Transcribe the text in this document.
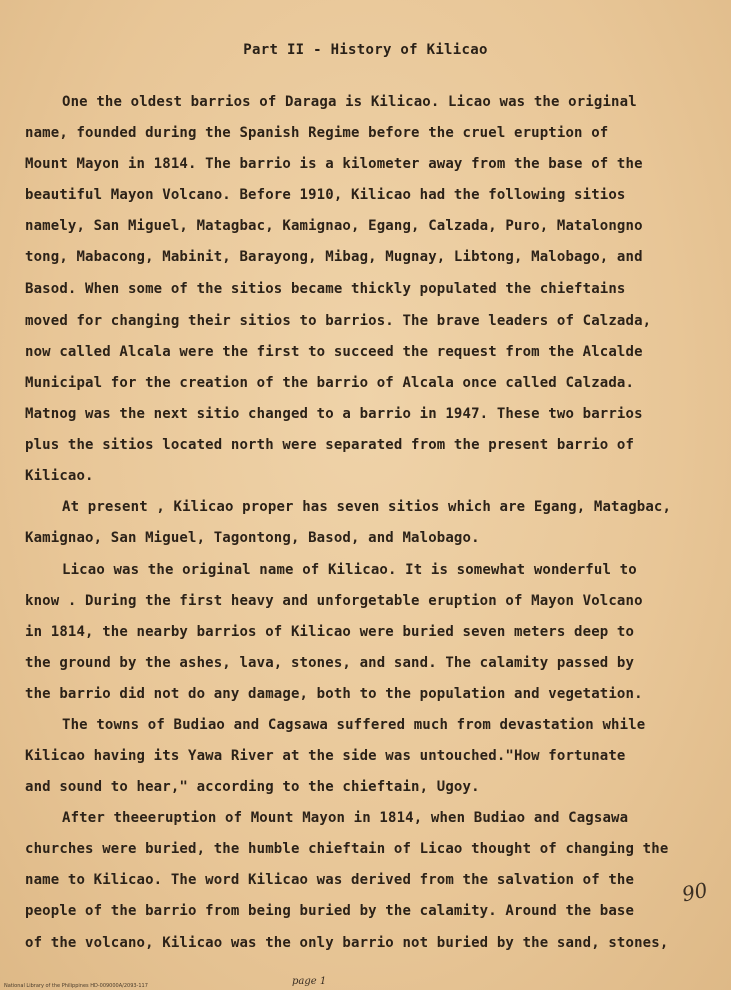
Part II - History of Kilicao
One the oldest barrios of Daraga is Kilicao. Licao was the original
name, founded during the Spanish Regime before the cruel eruption of
Mount Mayon in 1814. The barrio is a kilometer away from the base of the
beautiful Mayon Volcano. Before 1910, Kilicao had the following sitios
namely, San Miguel, Matagbac, Kamignao, Egang, Calzada, Puro, Matalongno
tong, Mabacong, Mabinit, Barayong, Mibag, Mugnay, Libtong, Malobago, and
Basod. When some of the sitios became thickly populated the chieftains
moved for changing their sitios to barrios. The brave leaders of Calzada,
now called Alcala were the first to succeed the request from the Alcalde
Municipal for the creation of the barrio of Alcala once called Calzada.
Matnog was the next sitio changed to a barrio in 1947. These two barrios
plus the sitios located north were separated from the present barrio of
Kilicao.
At present , Kilicao proper has seven sitios which are Egang, Matagbac,
Kamignao, San Miguel, Tagontong, Basod, and Malobago.
Licao was the original name of Kilicao. It is somewhat wonderful to
know . During the first heavy and unforgetable eruption of Mayon Volcano
in 1814, the nearby barrios of Kilicao were buried seven meters deep to
the ground by the ashes, lava, stones, and sand. The calamity passed by
the barrio did not do any damage, both to the population and vegetation.
The towns of Budiao and Cagsawa suffered much from devastation while
Kilicao having its Yawa River at the side was untouched."How fortunate
and sound to hear," according to the chieftain, Ugoy.
After theeeruption of Mount Mayon in 1814, when Budiao and Cagsawa
churches were buried, the humble chieftain of Licao thought of changing the
name to Kilicao. The word Kilicao was derived from the salvation of the
people of the barrio from being buried by the calamity. Around the base
of the volcano, Kilicao was the only barrio not buried by the sand, stones,
90
page 1
National Library of the Philippines HD-009000A/2093-117
